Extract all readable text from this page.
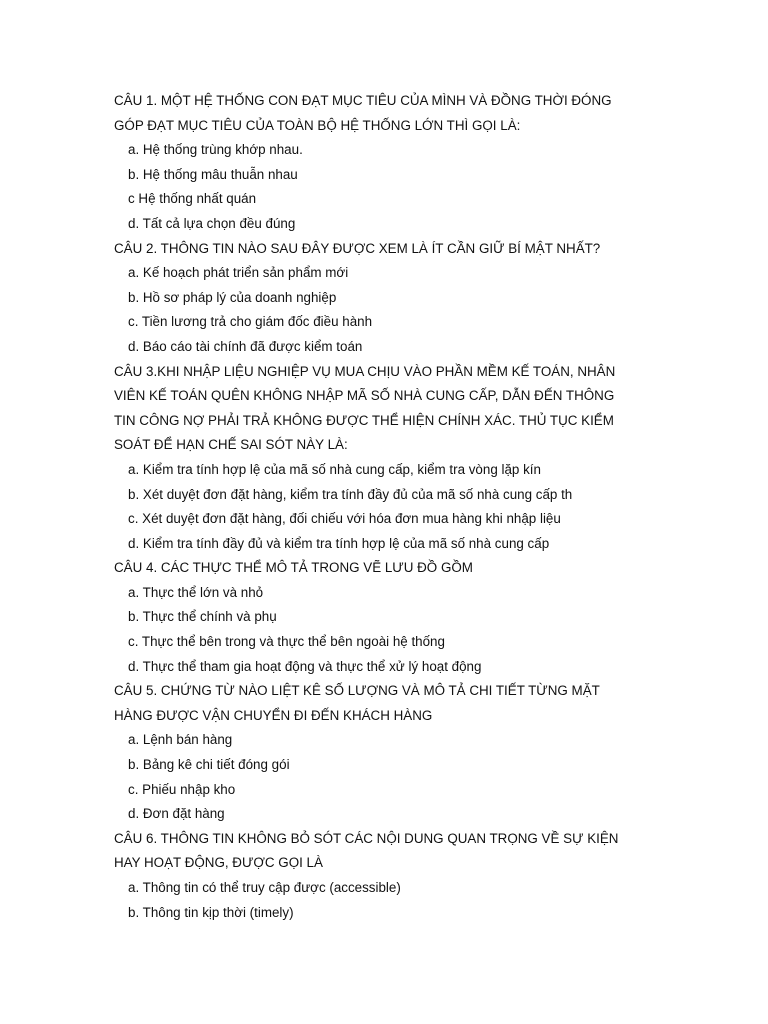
CÂU 1. MỘT HỆ THỐNG CON ĐẠT MỤC TIÊU CỦA MÌNH VÀ ĐỒNG THỜI ĐÓNG
GÓP ĐẠT MỤC TIÊU CỦA TOÀN BỘ HỆ THỐNG LỚN THÌ GỌI LÀ:
a. Hệ thống trùng khớp nhau.
b. Hệ thống mâu thuẫn nhau
c Hệ thống nhất quán
d. Tất cả lựa chọn đều đúng
CÂU 2. THÔNG TIN NÀO SAU ĐÂY ĐƯỢC XEM LÀ ÍT CẦN GIỮ BÍ MẬT NHẤT?
a. Kế hoạch phát triển sản phẩm mới
b. Hồ sơ pháp lý của doanh nghiệp
c. Tiền lương trả cho giám đốc điều hành
d. Báo cáo tài chính đã được kiểm toán
CÂU 3.KHI NHẬP LIỆU NGHIỆP VỤ MUA CHỊU VÀO PHẦN MỀM KẾ TOÁN, NHÂN
VIÊN KẾ TOÁN QUÊN KHÔNG NHẬP MÃ SỐ NHÀ CUNG CẤP, DẪN ĐẾN THÔNG
TIN CÔNG NỢ PHẢI TRẢ KHÔNG ĐƯỢC THỂ HIỆN CHÍNH XÁC. THỦ TỤC KIỂM
SOÁT ĐỂ HẠN CHẾ SAI SÓT NÀY LÀ:
a. Kiểm tra tính hợp lệ của mã số nhà cung cấp, kiểm tra vòng lặp kín
b. Xét duyệt đơn đặt hàng, kiểm tra tính đầy đủ của mã số nhà cung cấp th
c. Xét duyệt đơn đặt hàng, đối chiếu với hóa đơn mua hàng khi nhập liệu
d. Kiểm tra tính đầy đủ và kiểm tra tính hợp lệ của mã số nhà cung cấp
CÂU 4. CÁC THỰC THỂ MÔ TẢ TRONG VẼ LƯU ĐỒ GỒM
a. Thực thể lớn và nhỏ
b. Thực thể chính và phụ
c. Thực thể bên trong và thực thể bên ngoài hệ thống
d. Thực thể tham gia hoạt động và thực thể xử lý hoạt động
CÂU 5. CHỨNG TỪ NÀO LIỆT KÊ SỐ LƯỢNG VÀ MÔ TẢ CHI TIẾT TỪNG MẶT
HÀNG ĐƯỢC VẬN CHUYỂN ĐI ĐẾN KHÁCH HÀNG
a. Lệnh bán hàng
b. Bảng kê chi tiết đóng gói
c. Phiếu nhập kho
d. Đơn đặt hàng
CÂU 6. THÔNG TIN KHÔNG BỎ SÓT CÁC NỘI DUNG QUAN TRỌNG VỀ SỰ KIỆN
HAY HOẠT ĐỘNG, ĐƯỢC GỌI LÀ
a. Thông tin có thể truy cập được (accessible)
b. Thông tin kịp thời (timely)
